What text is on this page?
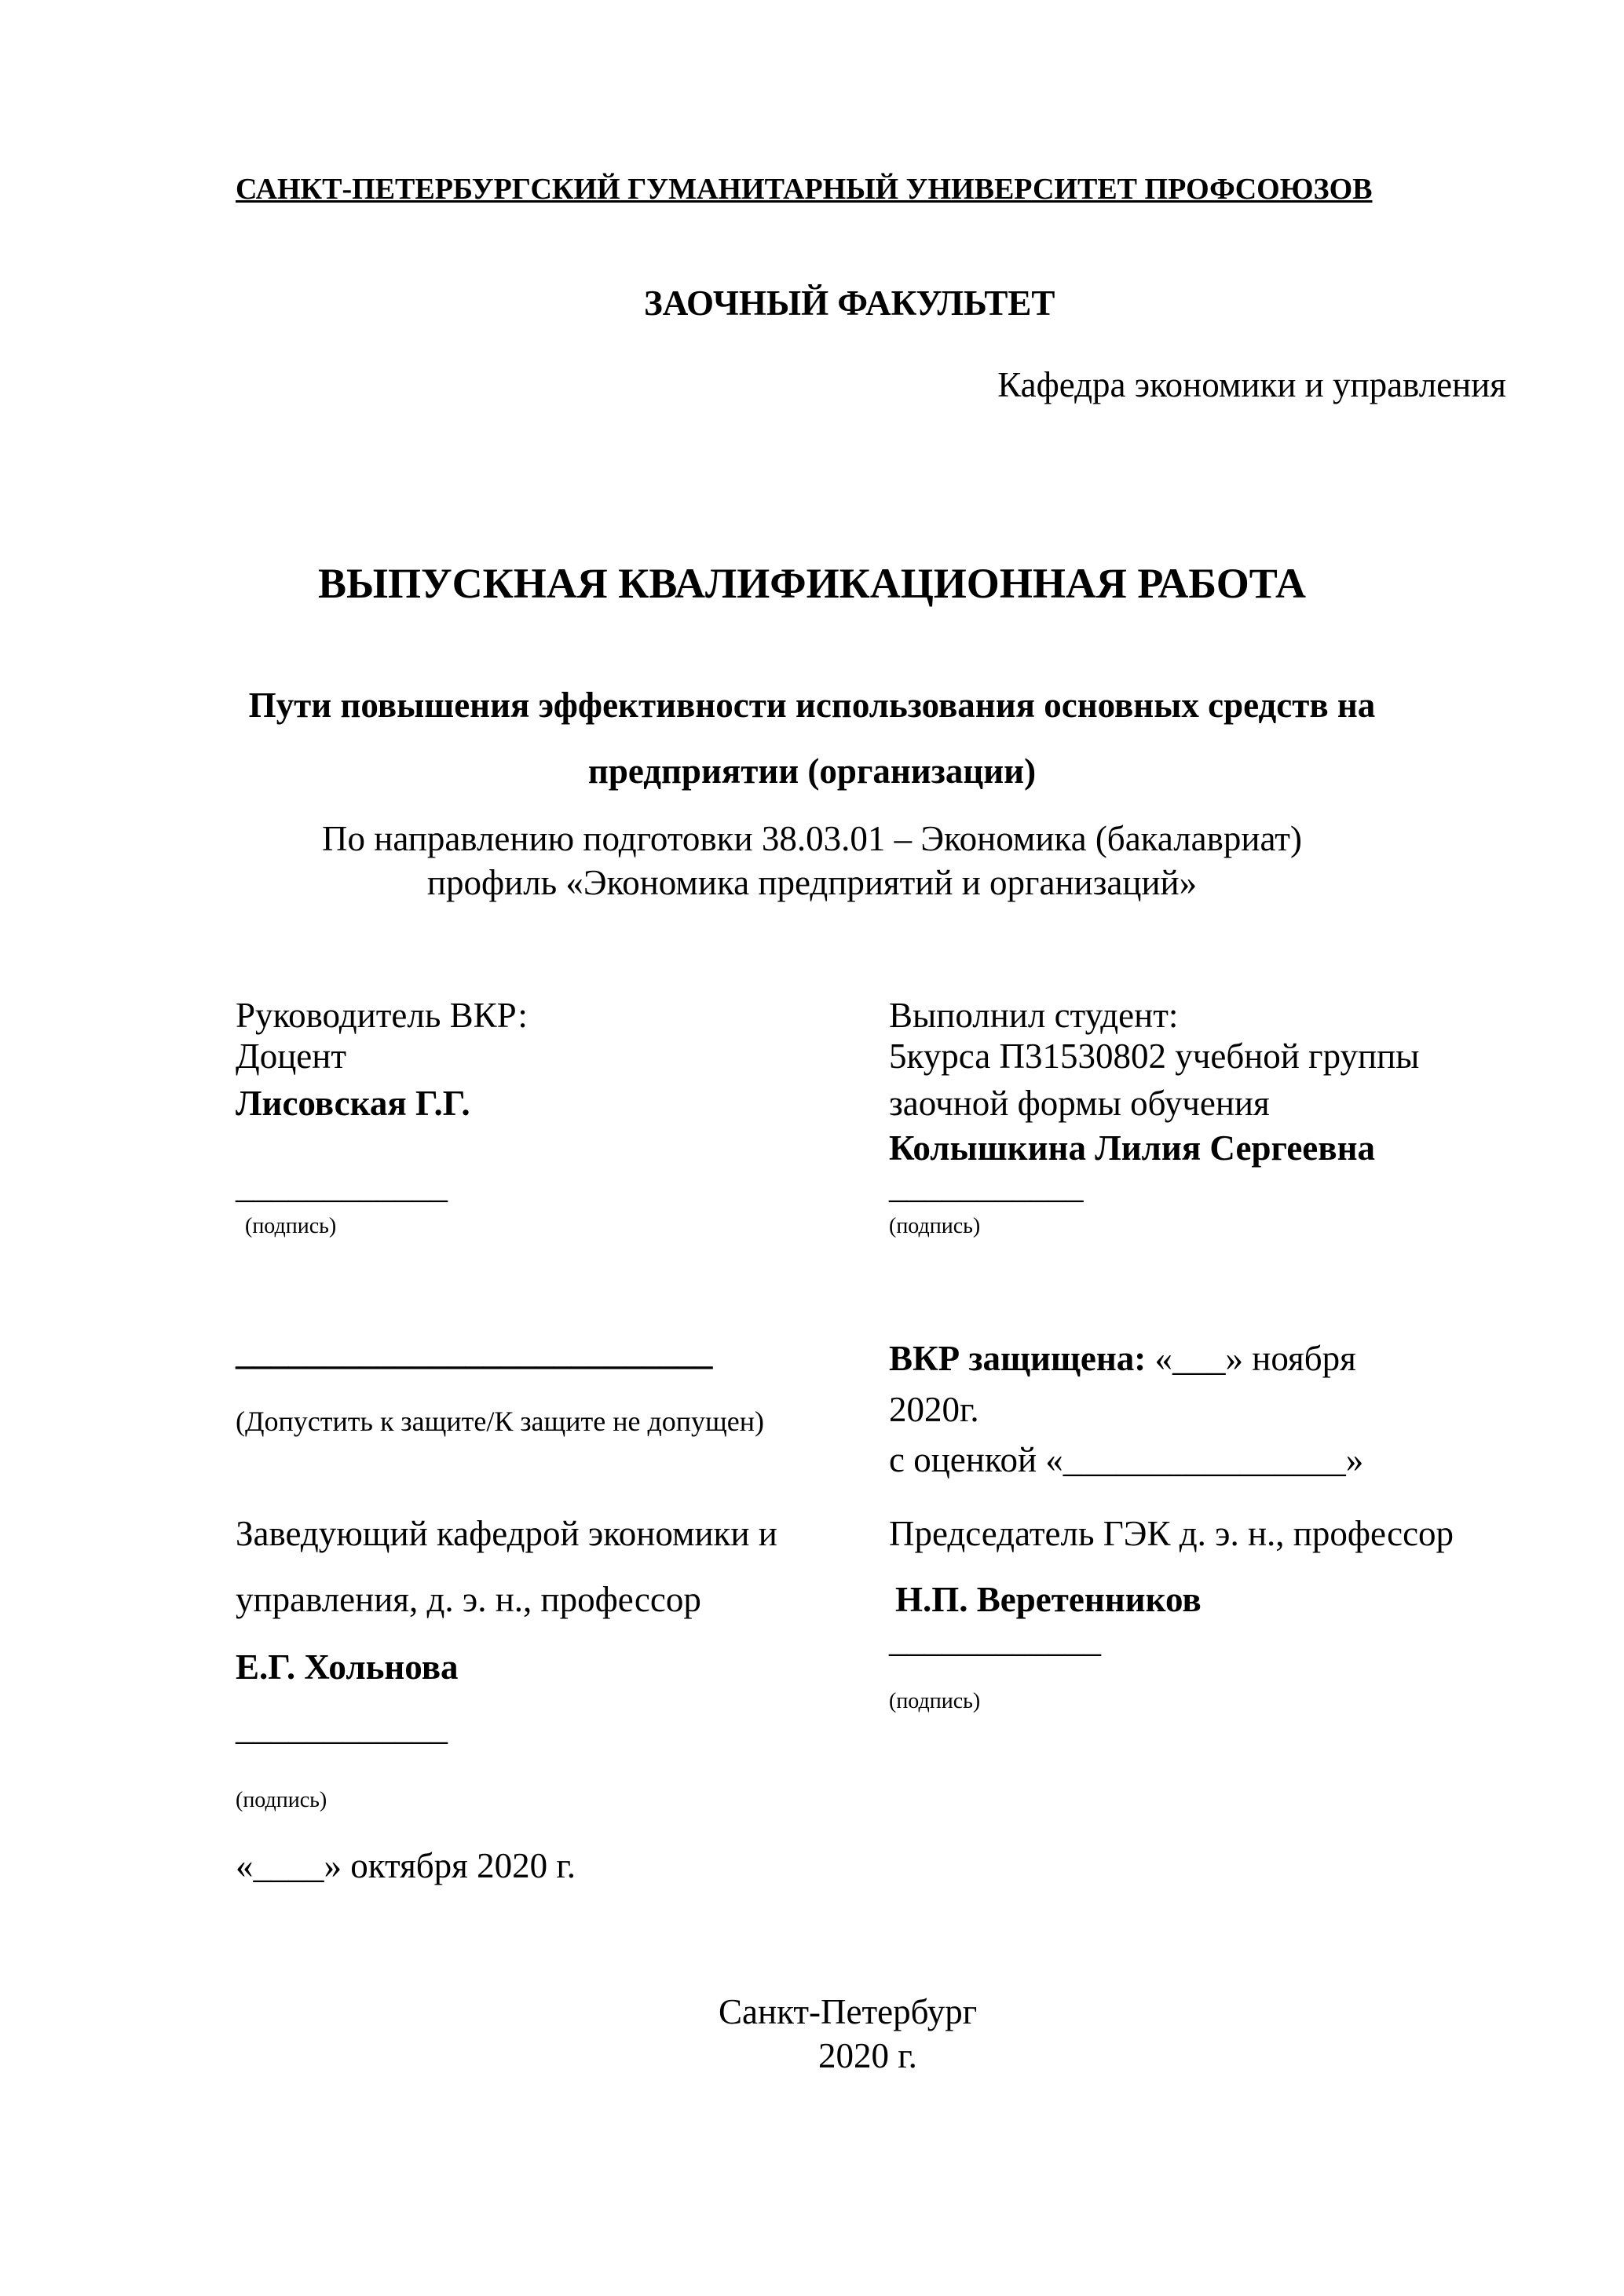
САНКТ-ПЕТЕРБУРГСКИЙ ГУМАНИТАРНЫЙ УНИВЕРСИТЕТ ПРОФСОЮЗОВ
ЗАОЧНЫЙ ФАКУЛЬТЕТ
Кафедра экономики и управления
ВЫПУСКНАЯ КВАЛИФИКАЦИОННАЯ РАБОТА
Пути повышения эффективности использования основных средств на
предприятии (организации)
По направлению подготовки 38.03.01 – Экономика (бакалавриат)
профиль «Экономика предприятий и организаций»
Руководитель ВКР:
Доцент
Лисовская Г.Г.
____________
(подпись)
Выполнил студент:
5курса П31530802 учебной группы
заочной формы обучения
Колышкина Лилия Сергеевна
___________
(подпись)
___________________________
(Допустить к защите/К защите не допущен)
ВКР защищена: «___» ноября
2020г.
с оценкой «________________»
Заведующий кафедрой экономики и
управления, д. э. н., профессор
Е.Г. Хольнова
____________
(подпись)
«____» октября 2020 г.
Председатель ГЭК д. э. н., профессор
Н.П. Веретенников
____________
(подпись)
Санкт-Петербург
2020 г.
